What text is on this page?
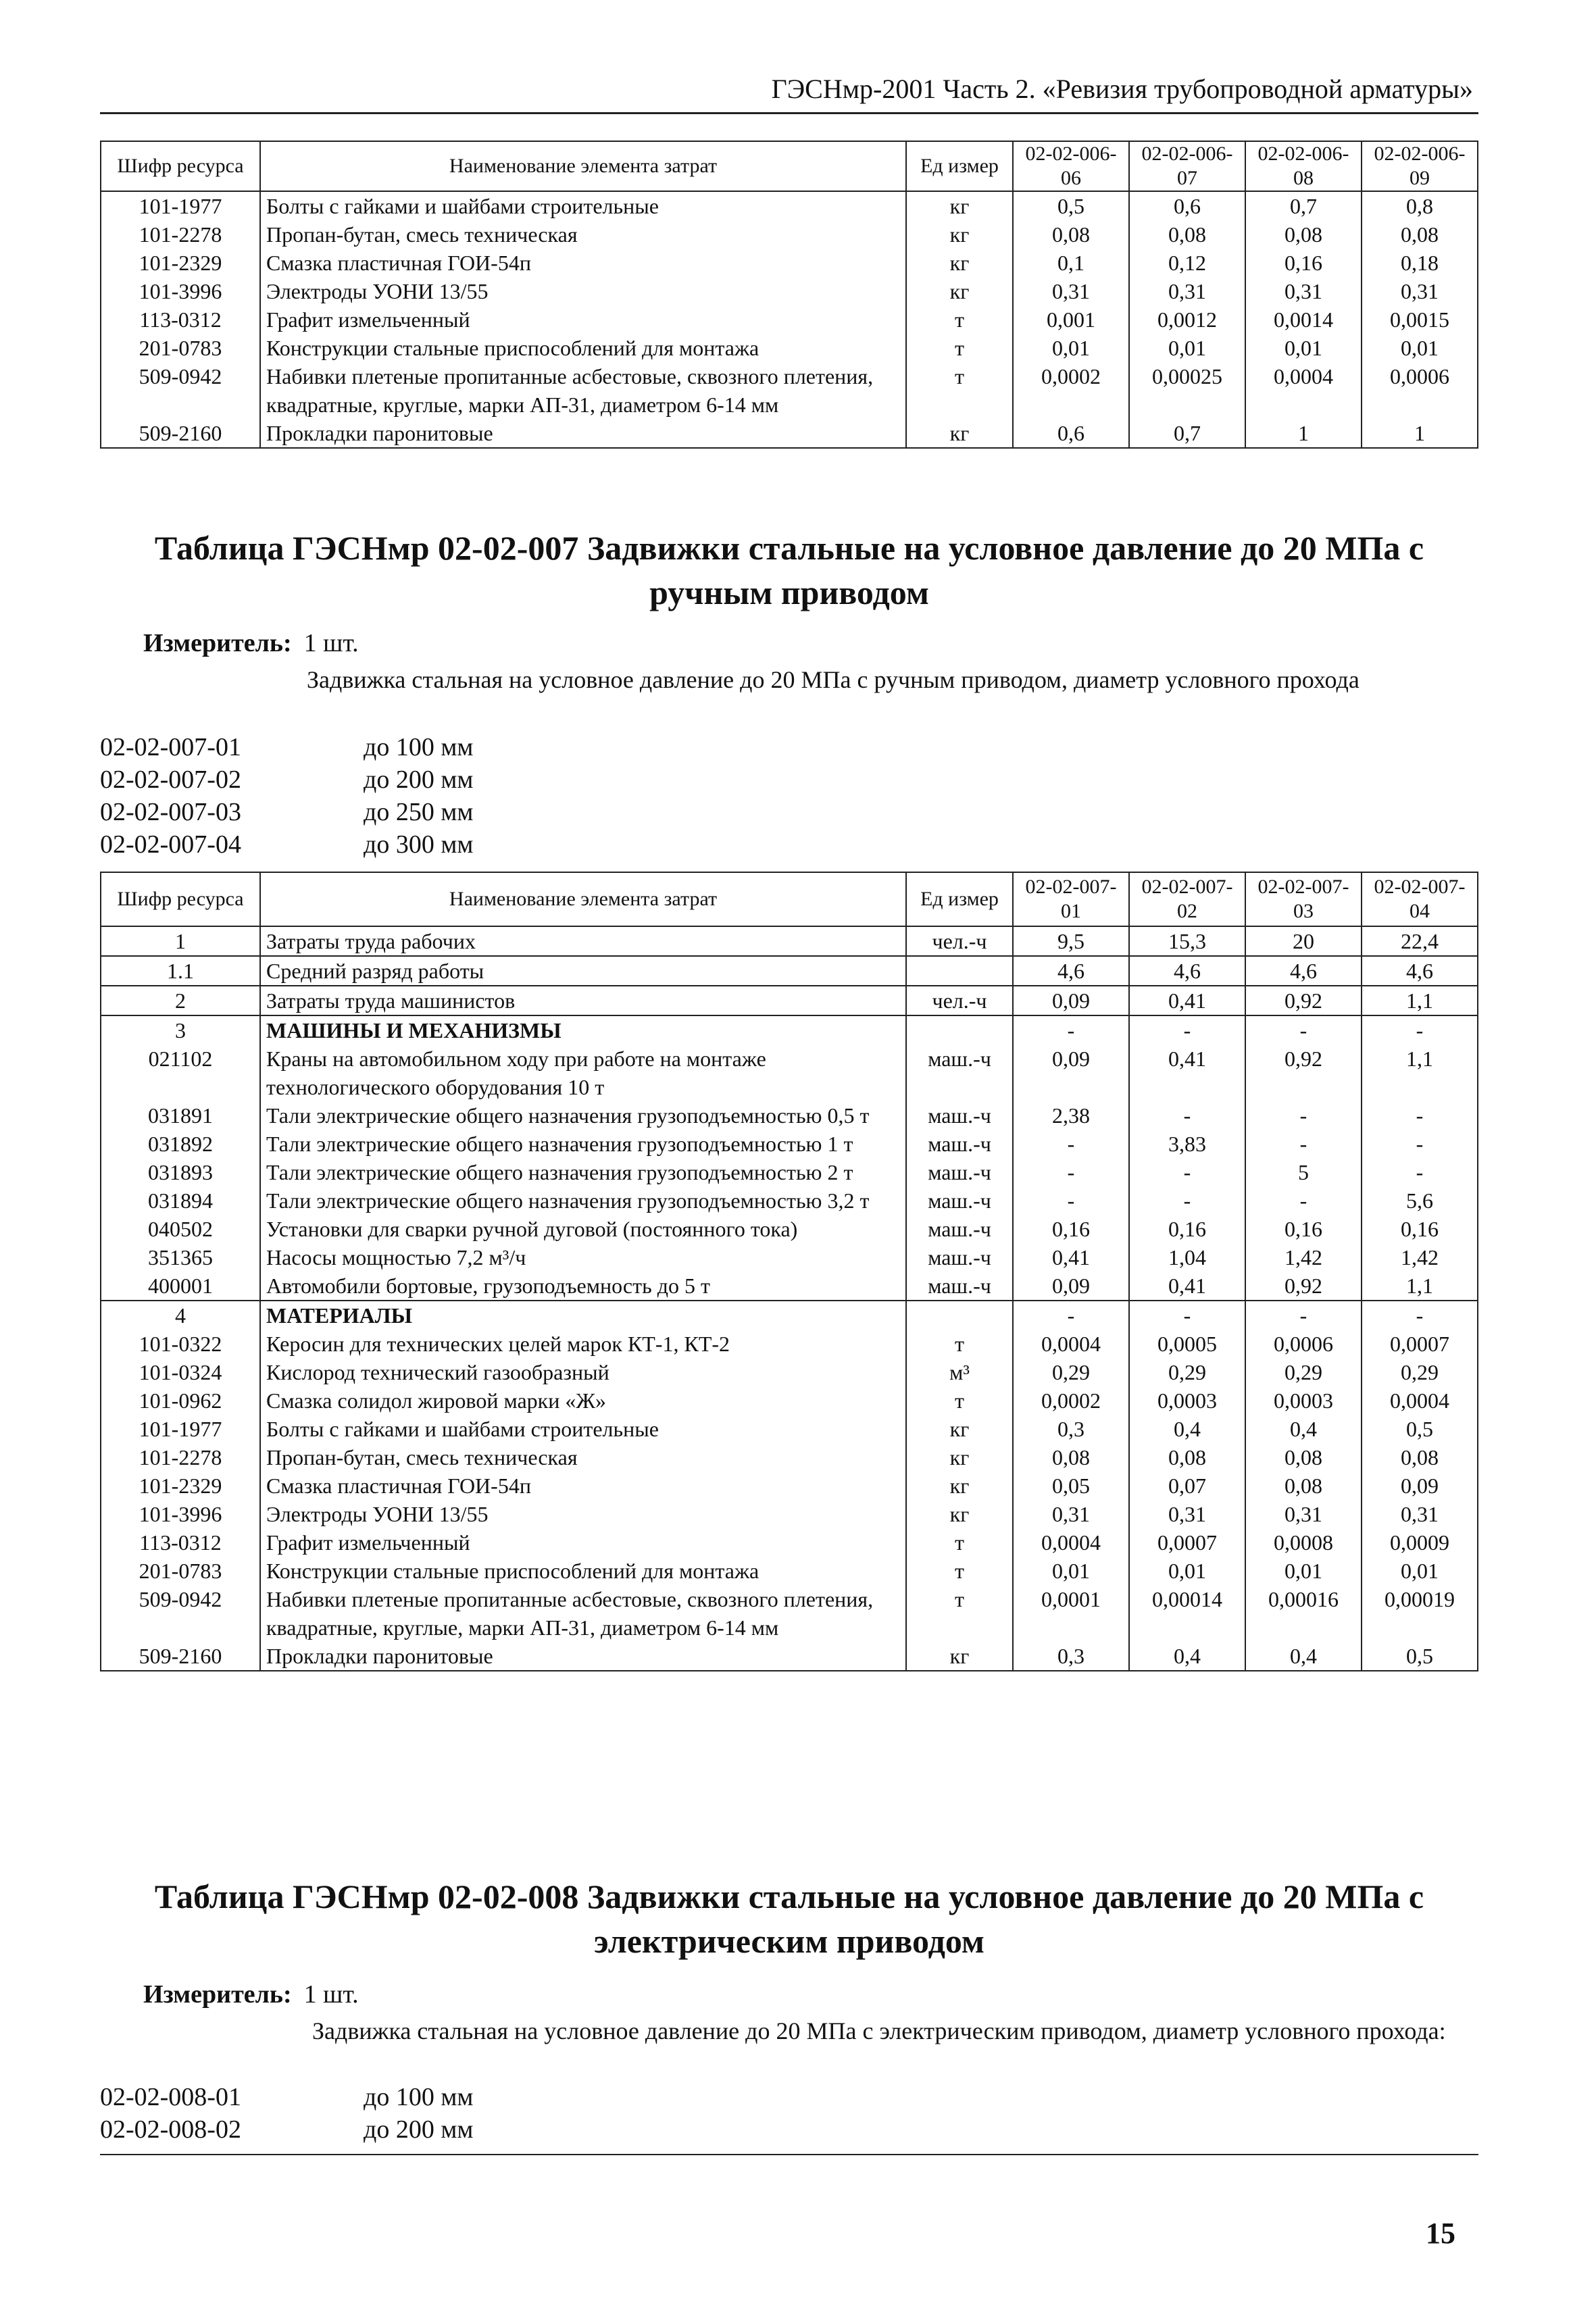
ГЭСНмр-2001 Часть 2. «Ревизия трубопроводной арматуры»
Шифр ресурса	Наименование элемента затрат	Ед измер	02-02-006-06	02-02-006-07	02-02-006-08	02-02-006-09
101-1977	Болты с гайками и шайбами строительные	кг	0,5	0,6	0,7	0,8
101-2278	Пропан-бутан, смесь техническая	кг	0,08	0,08	0,08	0,08
101-2329	Смазка пластичная ГОИ-54п	кг	0,1	0,12	0,16	0,18
101-3996	Электроды УОНИ 13/55	кг	0,31	0,31	0,31	0,31
113-0312	Графит измельченный	т	0,001	0,0012	0,0014	0,0015
201-0783	Конструкции стальные приспособлений для монтажа	т	0,01	0,01	0,01	0,01
509-0942	Набивки плетеные пропитанные асбестовые, сквозного плетения, квадратные, круглые, марки АП-31, диаметром 6-14 мм	т	0,0002	0,00025	0,0004	0,0006
509-2160	Прокладки паронитовые	кг	0,6	0,7	1	1
Таблица ГЭСНмр 02-02-007 Задвижки стальные на условное давление до 20 МПа с ручным приводом
Измеритель: 1 шт.
Задвижка стальная на условное давление до 20 МПа с ручным приводом, диаметр условного прохода
02-02-007-01	до 100 мм
02-02-007-02	до 200 мм
02-02-007-03	до 250 мм
02-02-007-04	до 300 мм
Шифр ресурса	Наименование элемента затрат	Ед измер	02-02-007-01	02-02-007-02	02-02-007-03	02-02-007-04
1	Затраты труда рабочих	чел.-ч	9,5	15,3	20	22,4
1.1	Средний разряд работы		4,6	4,6	4,6	4,6
2	Затраты труда машинистов	чел.-ч	0,09	0,41	0,92	1,1
3	МАШИНЫ И МЕХАНИЗМЫ		-	-	-	-
021102	Краны на автомобильном ходу при работе на монтаже технологического оборудования 10 т	маш.-ч	0,09	0,41	0,92	1,1
031891	Тали электрические общего назначения грузоподъемностью 0,5 т	маш.-ч	2,38	-	-	-
031892	Тали электрические общего назначения грузоподъемностью 1 т	маш.-ч	-	3,83	-	-
031893	Тали электрические общего назначения грузоподъемностью 2 т	маш.-ч	-	-	5	-
031894	Тали электрические общего назначения грузоподъемностью 3,2 т	маш.-ч	-	-	-	5,6
040502	Установки для сварки ручной дуговой (постоянного тока)	маш.-ч	0,16	0,16	0,16	0,16
351365	Насосы мощностью 7,2 м³/ч	маш.-ч	0,41	1,04	1,42	1,42
400001	Автомобили бортовые, грузоподъемность до 5 т	маш.-ч	0,09	0,41	0,92	1,1
4	МАТЕРИАЛЫ		-	-	-	-
101-0322	Керосин для технических целей марок КТ-1, КТ-2	т	0,0004	0,0005	0,0006	0,0007
101-0324	Кислород технический газообразный	м³	0,29	0,29	0,29	0,29
101-0962	Смазка солидол жировой марки «Ж»	т	0,0002	0,0003	0,0003	0,0004
101-1977	Болты с гайками и шайбами строительные	кг	0,3	0,4	0,4	0,5
101-2278	Пропан-бутан, смесь техническая	кг	0,08	0,08	0,08	0,08
101-2329	Смазка пластичная ГОИ-54п	кг	0,05	0,07	0,08	0,09
101-3996	Электроды УОНИ 13/55	кг	0,31	0,31	0,31	0,31
113-0312	Графит измельченный	т	0,0004	0,0007	0,0008	0,0009
201-0783	Конструкции стальные приспособлений для монтажа	т	0,01	0,01	0,01	0,01
509-0942	Набивки плетеные пропитанные асбестовые, сквозного плетения, квадратные, круглые, марки АП-31, диаметром 6-14 мм	т	0,0001	0,00014	0,00016	0,00019
509-2160	Прокладки паронитовые	кг	0,3	0,4	0,4	0,5
Таблица ГЭСНмр 02-02-008 Задвижки стальные на условное давление до 20 МПа с электрическим приводом
Измеритель: 1 шт.
Задвижка стальная на условное давление до 20 МПа с электрическим приводом, диаметр условного прохода:
02-02-008-01	до 100 мм
02-02-008-02	до 200 мм
15
